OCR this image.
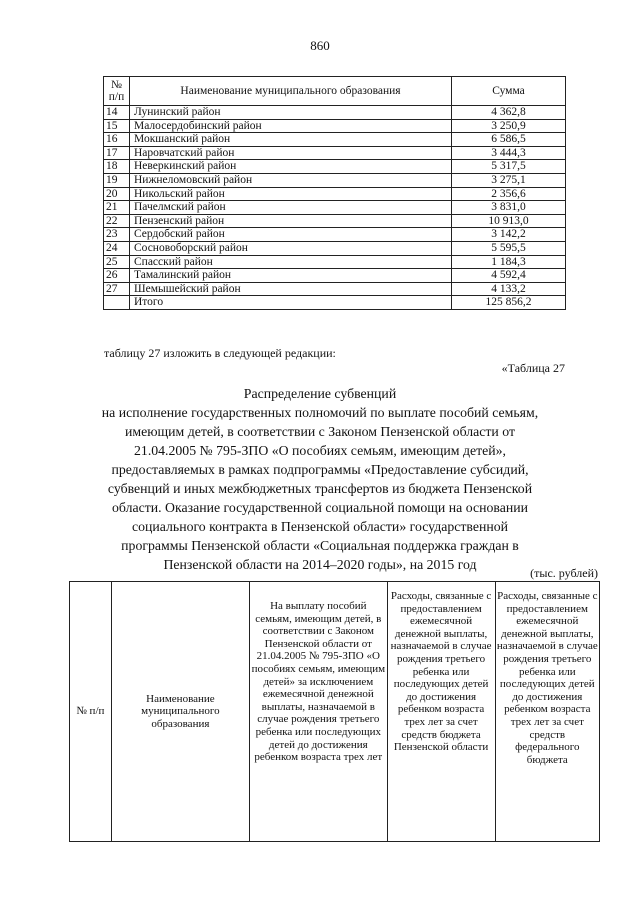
860
№ п/п	Наименование муниципального образования	Сумма
14	Лунинский район	4 362,8
15	Малосердобинский район	3 250,9
16	Мокшанский район	6 586,5
17	Наровчатский район	3 444,3
18	Неверкинский район	5 317,5
19	Нижнеломовский район	3 275,1
20	Никольский район	2 356,6
21	Пачелмский район	3 831,0
22	Пензенский район	10 913,0
23	Сердобский район	3 142,2
24	Сосновоборский район	5 595,5
25	Спасский район	1 184,3
26	Тамалинский район	4 592,4
27	Шемышейский район	4 133,2
	Итого	125 856,2
таблицу 27 изложить в следующей редакции:
«Таблица 27

Распределение субвенций

на исполнение государственных полномочий по выплате пособий семьям,

имеющим детей, в соответствии с Законом Пензенской области от

21.04.2005 № 795-ЗПО «О пособиях семьям, имеющим детей»,

предоставляемых в рамках подпрограммы «Предоставление субсидий,

субвенций и иных межбюджетных трансфертов из бюджета Пензенской

области. Оказание государственной социальной помощи на основании

социального контракта в Пензенской области» государственной

программы Пензенской области «Социальная поддержка граждан в

Пензенской области на 2014–2020 годы», на 2015 год

(тыс. рублей)
№ п/п	Наименование муниципального образования	На выплату пособий семьям, имеющим детей, в соответствии с Законом Пензенской области от 21.04.2005 № 795-ЗПО «О пособиях семьям, имеющим детей» за исключением ежемесячной денежной выплаты, назначаемой в случае рождения третьего ребенка или последующих детей до достижения ребенком возраста трех лет	Расходы, связанные с предоставлением ежемесячной денежной выплаты, назначаемой в случае рождения третьего ребенка или последующих детей до достижения ребенком возраста трех лет за счет средств бюджета Пензенской области	Расходы, связанные с предоставлением ежемесячной денежной выплаты, назначаемой в случае рождения третьего ребенка или последующих детей до достижения ребенком возраста трех лет за счет средств федерального бюджета
